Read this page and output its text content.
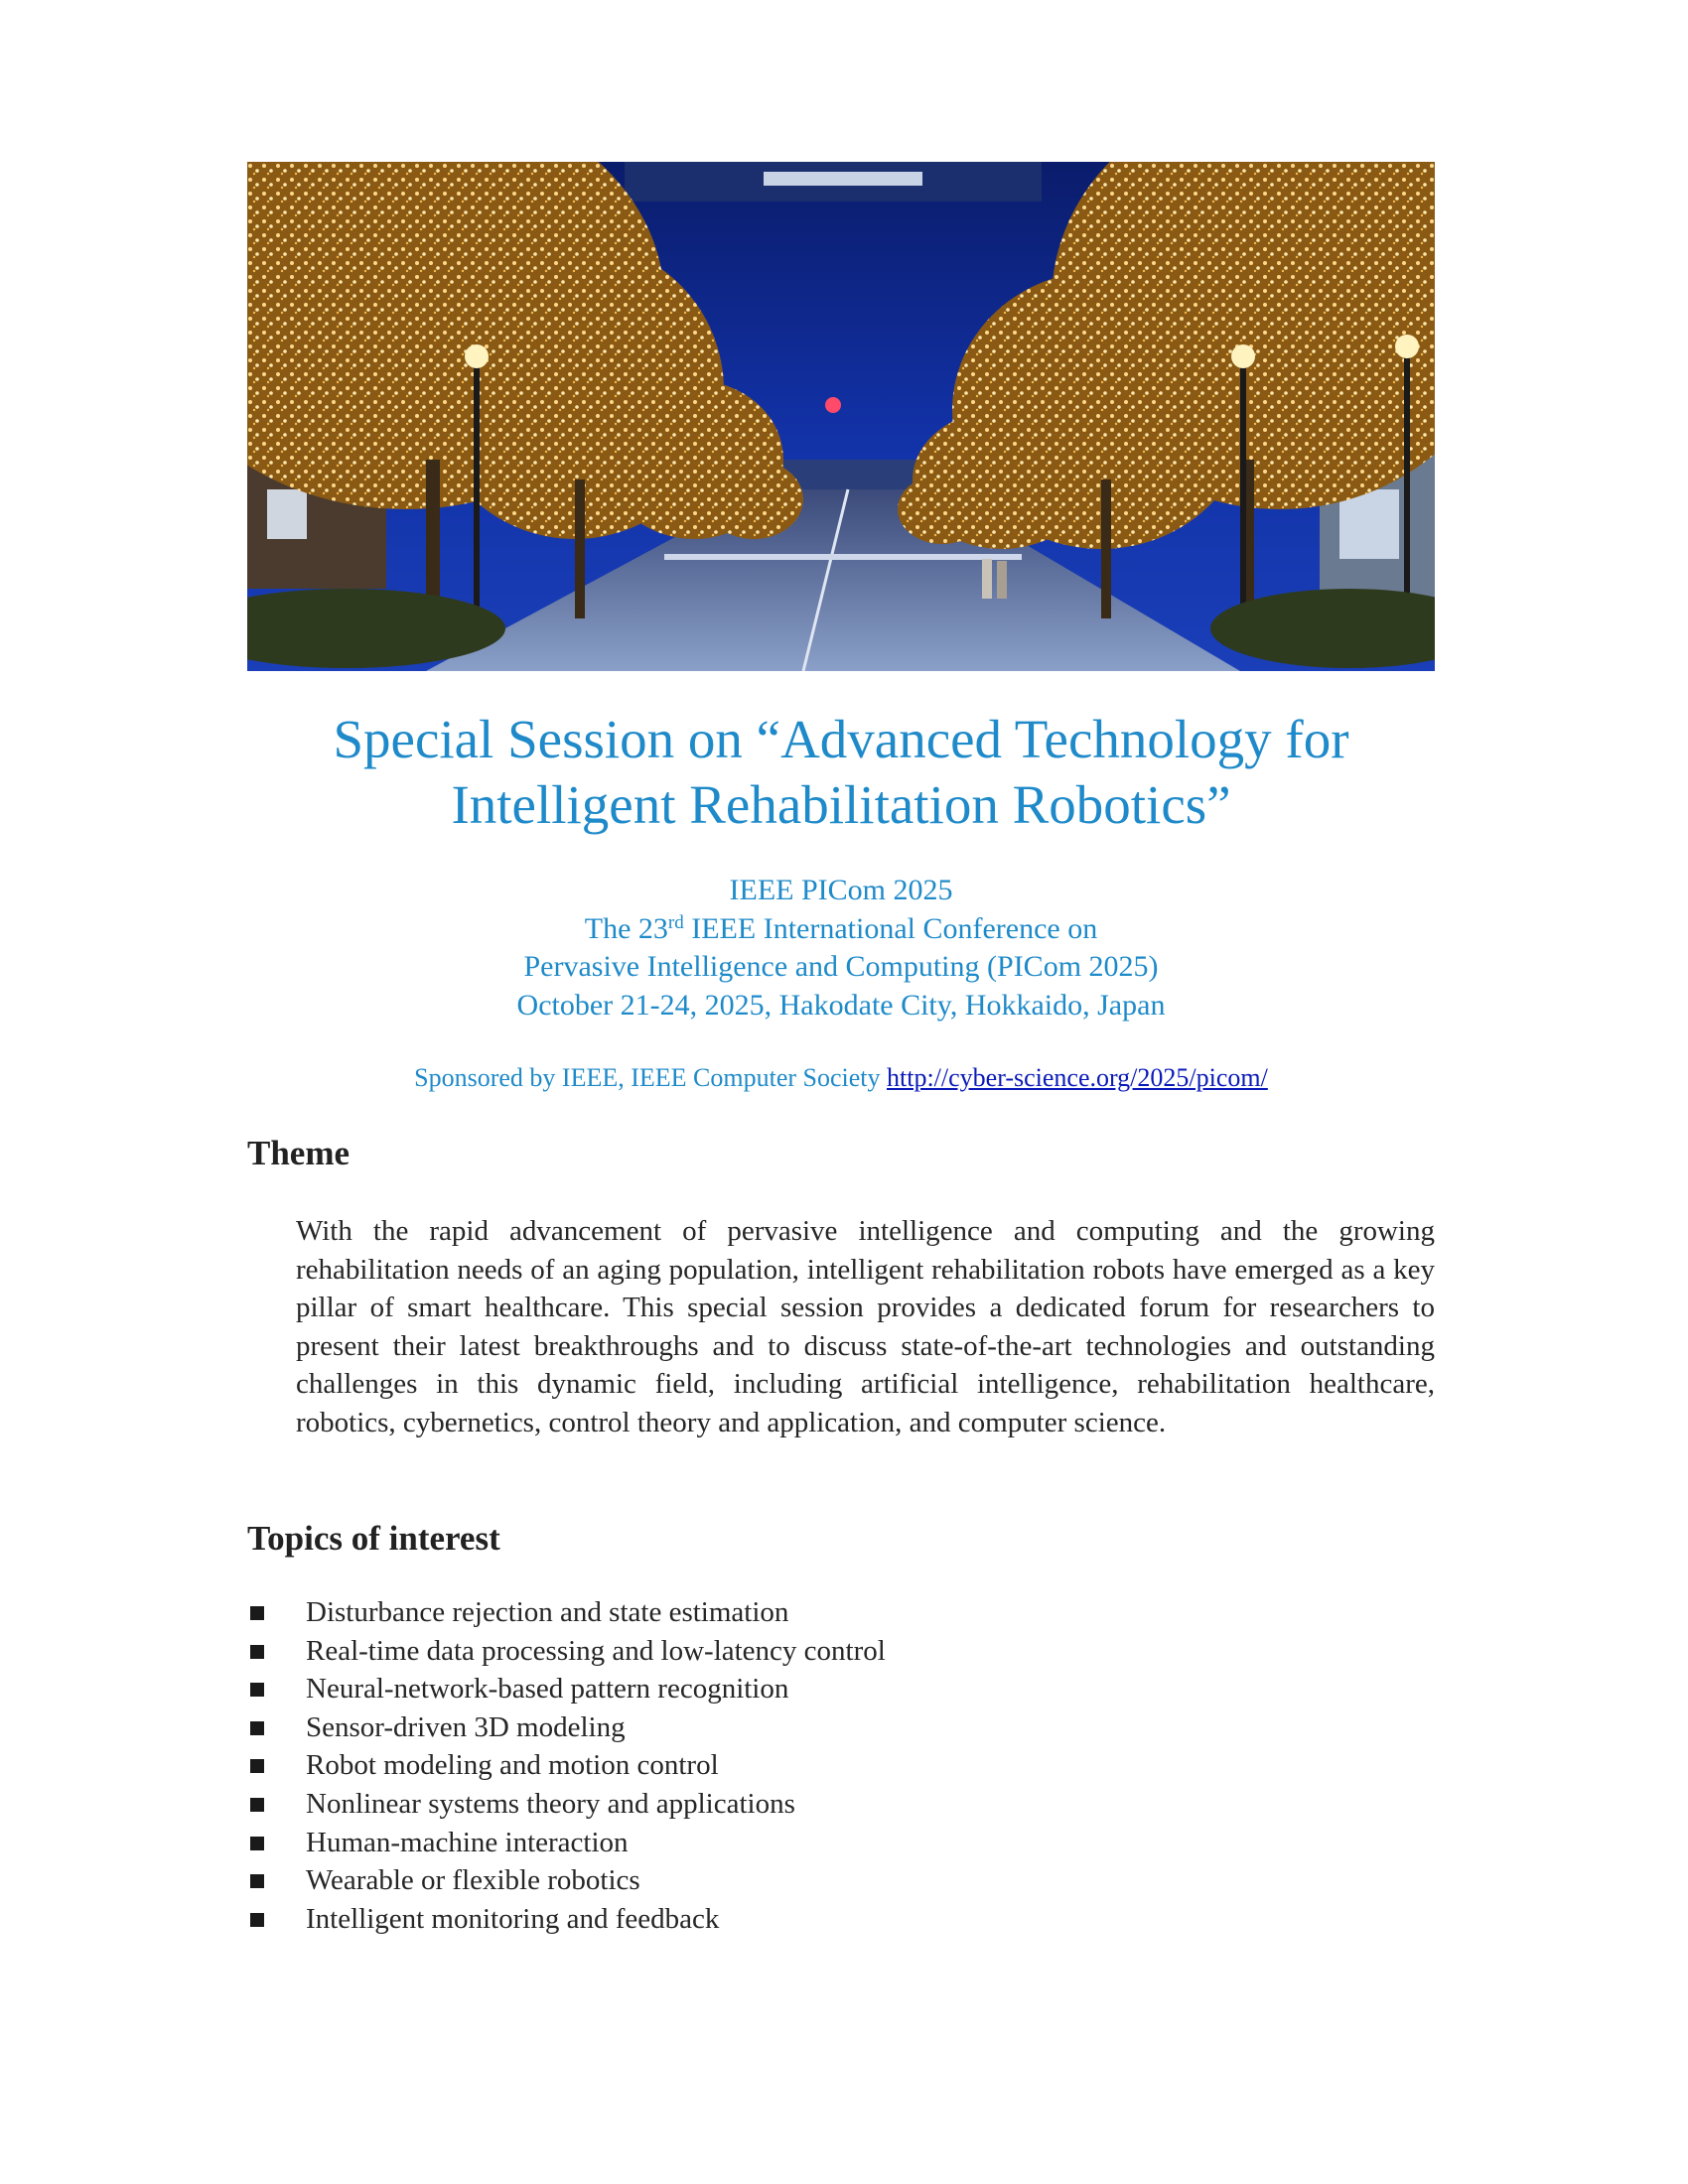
Special Session on “Advanced Technology for
Intelligent Rehabilitation Robotics”
IEEE PICom 2025
The 23rd IEEE International Conference on
Pervasive Intelligence and Computing (PICom 2025)
October 21-24, 2025, Hakodate City, Hokkaido, Japan
Sponsored by IEEE, IEEE Computer Society http://cyber-science.org/2025/picom/
Theme

With the rapid advancement of pervasive intelligence and computing and the growing rehabilitation needs of an aging population, intelligent rehabilitation robots have emerged as a key pillar of smart healthcare. This special session provides a dedicated forum for researchers to present their latest breakthroughs and to discuss state-of-the-art technologies and outstanding challenges in this dynamic field, including artificial intelligence, rehabilitation healthcare, robotics, cybernetics, control theory and application, and computer science.

Topics of interest
Disturbance rejection and state estimation
Real-time data processing and low-latency control
Neural-network-based pattern recognition
Sensor-driven 3D modeling
Robot modeling and motion control
Nonlinear systems theory and applications
Human-machine interaction
Wearable or flexible robotics
Intelligent monitoring and feedback
